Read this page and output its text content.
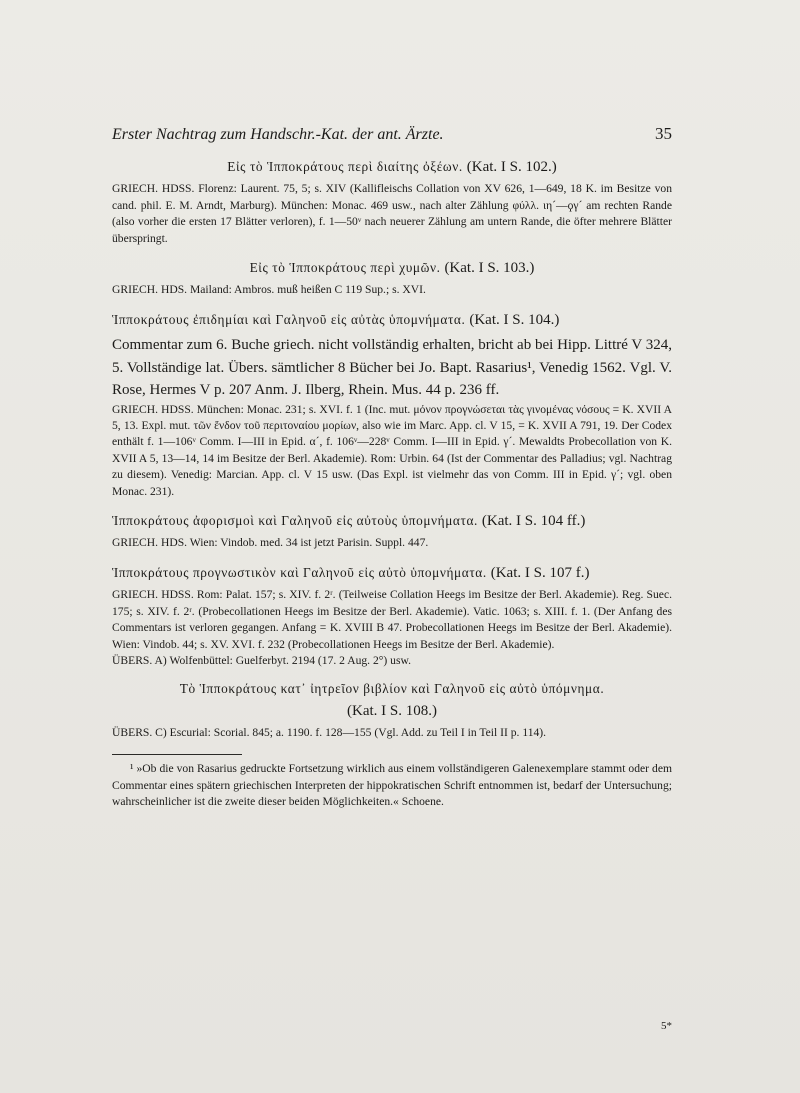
Erster Nachtrag zum Handschr.-Kat. der ant. Ärzte.	35

Εἰς τὸ Ἱπποκράτους περὶ διαίτης ὀξέων. (Kat. I S. 102.)

GRIECH. HDSS. Florenz: Laurent. 75, 5; s. XIV (Kallifleischs Collation von XV 626, 1—649, 18 K. im Besitze von cand. phil. E. M. Arndt, Marburg). München: Monac. 469 usw., nach alter Zählung φύλλ. ιη´—ϙγ´ am rechten Rande (also vorher die ersten 17 Blätter verloren), f. 1—50ᵛ nach neuerer Zählung am untern Rande, die öfter mehrere Blätter überspringt.

Εἰς τὸ Ἱπποκράτους περὶ χυμῶν. (Kat. I S. 103.)

GRIECH. HDS. Mailand: Ambros. muß heißen C 119 Sup.; s. XVI.

Ἱπποκράτους ἐπιδημίαι καὶ Γαληνοῦ εἰς αὐτὰς ὑπομνήματα. (Kat. I S. 104.)

Commentar zum 6. Buche griech. nicht vollständig erhalten, bricht ab bei Hipp. Littré V 324, 5. Vollständige lat. Übers. sämtlicher 8 Bücher bei Jo. Bapt. Rasarius¹, Venedig 1562. Vgl. V. Rose, Hermes V p. 207 Anm. J. Ilberg, Rhein. Mus. 44 p. 236 ff.

GRIECH. HDSS. München: Monac. 231; s. XVI. f. 1 (Inc. mut. μόνον προγνώσεται τὰς γινομένας νόσους = K. XVII A 5, 13. Expl. mut. τῶν ἔνδον τοῦ περιτοναίου μορίων, also wie im Marc. App. cl. V 15, = K. XVII A 791, 19. Der Codex enthält f. 1—106ᵛ Comm. I—III in Epid. α´, f. 106ᵛ—228ᵛ Comm. I—III in Epid. γ´. Mewaldts Probecollation von K. XVII A 5, 13—14, 14 im Besitze der Berl. Akademie). Rom: Urbin. 64 (Ist der Commentar des Palladius; vgl. Nachtrag zu diesem). Venedig: Marcian. App. cl. V 15 usw. (Das Expl. ist vielmehr das von Comm. III in Epid. γ´; vgl. oben Monac. 231).

Ἱπποκράτους ἀφορισμοὶ καὶ Γαληνοῦ εἰς αὐτοὺς ὑπομνήματα. (Kat. I S. 104 ff.)

GRIECH. HDS. Wien: Vindob. med. 34 ist jetzt Parisin. Suppl. 447.

Ἱπποκράτους προγνωστικὸν καὶ Γαληνοῦ εἰς αὐτὸ ὑπομνήματα. (Kat. I S. 107 f.)

GRIECH. HDSS. Rom: Palat. 157; s. XIV. f. 2ʳ. (Teilweise Collation Heegs im Besitze der Berl. Akademie). Reg. Suec. 175; s. XIV. f. 2ʳ. (Probecollationen Heegs im Besitze der Berl. Akademie). Vatic. 1063; s. XIII. f. 1. (Der Anfang des Commentars ist verloren gegangen. Anfang = K. XVIII B 47. Probecollationen Heegs im Besitze der Berl. Akademie). Wien: Vindob. 44; s. XV. XVI. f. 232 (Probecollationen Heegs im Besitze der Berl. Akademie).

ÜBERS. A) Wolfenbüttel: Guelferbyt. 2194 (17. 2 Aug. 2°) usw.

Τὸ Ἱπποκράτους κατ᾽ ἰητρεῖον βιβλίον καὶ Γαληνοῦ εἰς αὐτὸ ὑπόμνημα.
(Kat. I S. 108.)

ÜBERS. C) Escurial: Scorial. 845; a. 1190. f. 128—155 (Vgl. Add. zu Teil I in Teil II p. 114).

¹ »Ob die von Rasarius gedruckte Fortsetzung wirklich aus einem vollständigeren Galenexemplare stammt oder dem Commentar eines spätern griechischen Interpreten der hippokratischen Schrift entnommen ist, bedarf der Untersuchung; wahrscheinlicher ist die zweite dieser beiden Möglichkeiten.« Schoene.

5*
